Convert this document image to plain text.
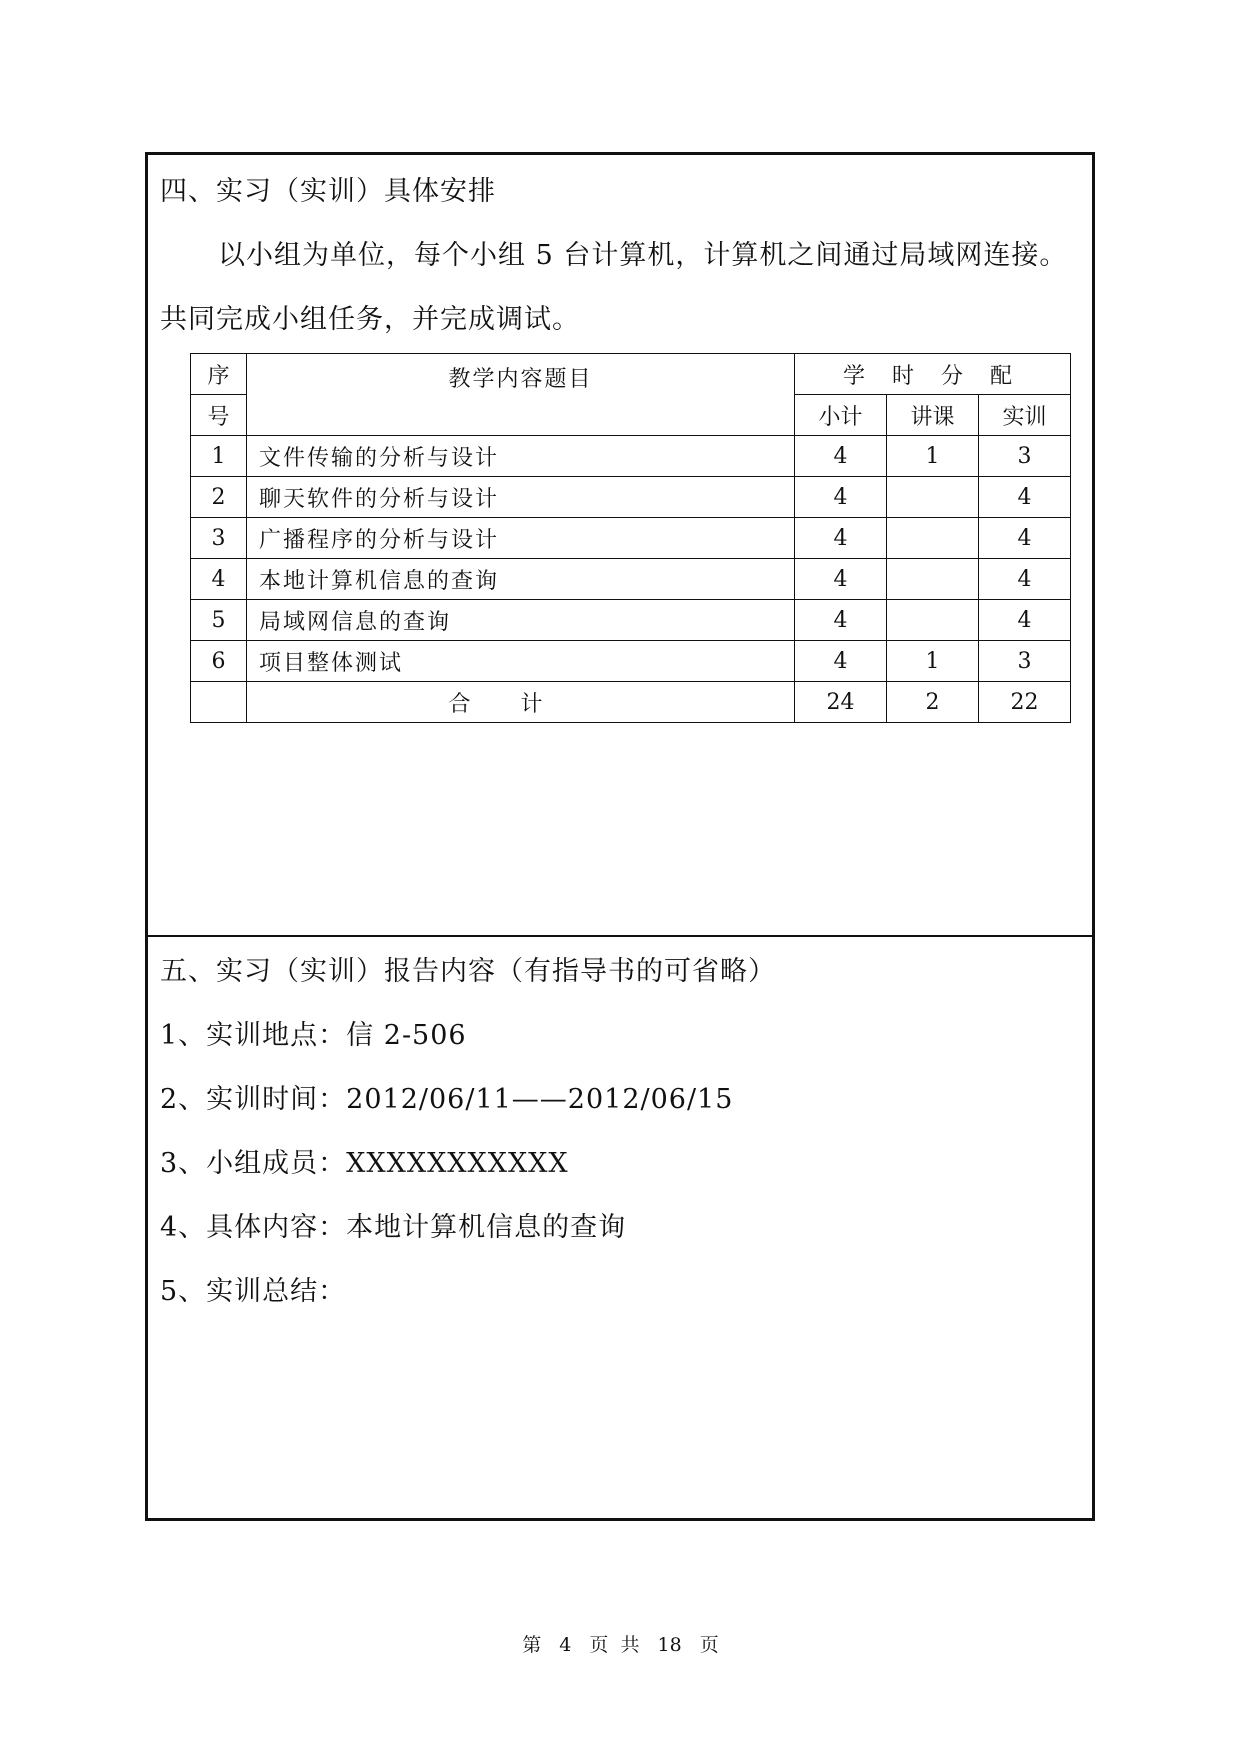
四、实习（实训）具体安排
以小组为单位，每个小组 5 台计算机，计算机之间通过局域网连接。
共同完成小组任务，并完成调试。
序	教学内容题目	学 时 分 配		
号		小计	讲课	实训
1	文件传输的分析与设计	4	1	3
2	聊天软件的分析与设计	4		4
3	广播程序的分析与设计	4		4
4	本地计算机信息的查询	4		4
5	局域网信息的查询	4		4
6	项目整体测试	4	1	3
	合计	24	2	22
五、实习（实训）报告内容（有指导书的可省略）
1、实训地点：信 2-506
2、实训时间：2012/06/11——2012/06/15
3、小组成员：XXXXXXXXXXX
4、具体内容：本地计算机信息的查询
5、实训总结：
第 4 页 共 18 页
